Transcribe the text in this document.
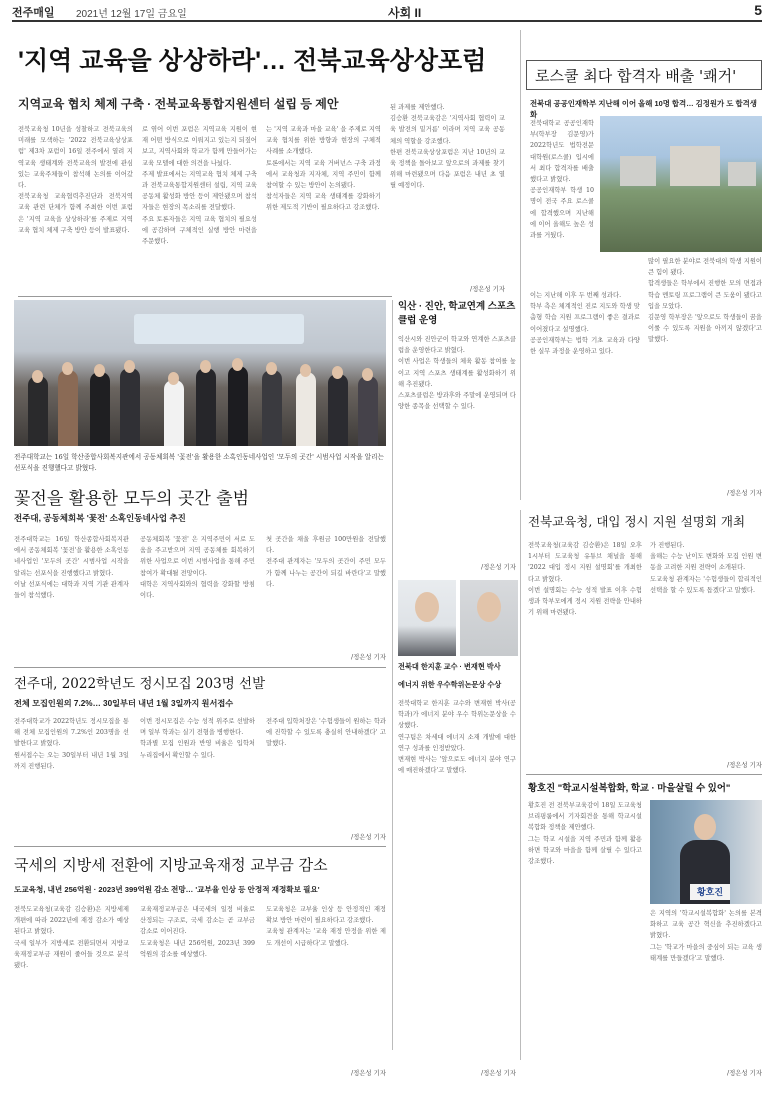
전주매일 2021년 12월 17일 금요일	사회 II	5
'지역 교육을 상상하라'… 전북교육상상포럼
지역교육 협치 체제 구축 · 전북교육통합지원센터 설립 등 제안
전북교육청 10년을 성찰하고 전북교육의 미래를 모색하는 '2022 전북교육상상포럼' 제3차 포럼이 16일 전주에서 열려 지역교육 생태계와 전북교육의 발전에 관심 있는 교육주체들이 참석해 논의를 이어갔다.
전북교육청 교육협력추진단과 전북지역 교육 관련 단체가 함께 주최한 이번 포럼은 '지역 교육을 상상하라'를 주제로 지역 교육 협치 체제 구축 방안 등이 발표됐다.
로 엮어 이번 포럼은 지역교육 지원이 현재 어떤 방식으로 이뤄지고 있는지 되짚어 보고, 지역사회와 학교가 함께 만들어가는 교육 모델에 대한 의견을 나눴다.
주제 발표에서는 지역교육 협치 체제 구축과 전북교육통합지원센터 설립, 지역 교육 공동체 활성화 방안 등이 제안됐으며 참석자들은 현장의 목소리를 전달했다.
주요 토론자들은 지역 교육 협치의 필요성에 공감하며 구체적인 실행 방안 마련을 주문했다.
는 '지역 교육과 마을 교육' 을 주제로 지역교육 협치를 위한 방향과 현장의 구체적 사례를 소개했다.
토론에서는 지역 교육 거버넌스 구축 과정에서 교육청과 지자체, 지역 주민이 함께 참여할 수 있는 방안이 논의됐다.
참석자들은 지역 교육 생태계를 강화하기 위한 제도적 기반이 필요하다고 강조했다.
된 과제를 제안했다.
김승환 전북교육감은 '지역사회 협력이 교육 발전의 밑거름' 이라며 지역 교육 공동체의 역할을 강조했다.
한편 전북교육상상포럼은 지난 10년의 교육 정책을 돌아보고 앞으로의 과제를 찾기 위해 마련됐으며 다음 포럼은 내년 초 열릴 예정이다.
/정은성 기자
로스쿨 최다 합격자 배출 '쾌거'
전북대 공공인재학부 지난해 이어 올해 10명 합격… 김정원가 도 합격생 화
전북대학교 공공인재학부(학부장 김문영)가 2022학년도 법학전문대학원(로스쿨) 입시에서 최다 합격자를 배출했다고 밝혔다.
공공인재학부 학생 10명이 전국 주요 로스쿨에 합격했으며 지난해에 이어 올해도 높은 성과를 거뒀다.
이는 지난해 이후 두 번째 성과다.
학부 측은 체계적인 진로 지도와 학생 맞춤형 학습 지원 프로그램이 좋은 결과로 이어졌다고 설명했다.
공공인재학부는 법학 기초 교육과 다양한 실무 과정을 운영하고 있다.
많이 필요한 분야로 전북대의 학생 지원이 큰 힘이 됐다.
합격생들은 학부에서 진행한 모의 면접과 학습 멘토링 프로그램이 큰 도움이 됐다고 입을 모았다.
김문영 학부장은 '앞으로도 학생들이 꿈을 이룰 수 있도록 지원을 아끼지 않겠다'고 말했다.
/정은성 기자
전주대학교는 16일 학산종합사회복지관에서 공동체회복 '꽃전'을 활용한 소혹인동네사업인 '모두의 곳간' 시범사업 시작을 알리는 선포식을 진행했다고 밝혔다.
익산 · 진안, 학교연계 스포츠클럽 운영
익산시와 진안군이 학교와 연계한 스포츠클럽을 운영한다고 밝혔다.
이번 사업은 학생들의 체육 활동 참여를 높이고 지역 스포츠 생태계를 활성화하기 위해 추진됐다.
스포츠클럽은 방과후와 주말에 운영되며 다양한 종목을 선택할 수 있다.
/정은성 기자
꽃전을 활용한 모두의 곳간 출범
전주대, 공동체회복 '꽃전' 소혹인동네사업 추진
전주대학교는 16일 학산종합사회복지관에서 공동체회복 '꽃전'을 활용한 소혹인동네사업인 '모두의 곳간' 시범사업 시작을 알리는 선포식을 진행했다고 밝혔다.
이날 선포식에는 대학과 지역 기관 관계자들이 참석했다.
공동체회복 '꽃전' 은 지역주민이 서로 도움을 주고받으며 지역 공동체를 회복하기 위한 사업으로 이번 시범사업을 통해 주민 참여가 확대될 전망이다.
대학은 지역사회와의 협력을 강화할 방침이다.
첫 곳간을 채울 후원금 100만원을 전달했다.
전주대 관계자는 '모두의 곳간이 주민 모두가 함께 나누는 공간이 되길 바란다'고 말했다.
/정은성 기자
전주대, 2022학년도 정시모집 203명 선발
전체 모집인원의 7.2%… 30일부터 내년 1월 3일까지 원서접수
전주대학교가 2022학년도 정시모집을 통해 전체 모집인원의 7.2%인 203명을 선발한다고 밝혔다.
원서접수는 오는 30일부터 내년 1월 3일까지 진행된다.
이번 정시모집은 수능 성적 위주로 선발하며 일부 학과는 실기 전형을 병행한다.
학과별 모집 인원과 반영 비율은 입학처 누리집에서 확인할 수 있다.
전주대 입학처장은 '수험생들이 원하는 학과에 진학할 수 있도록 충실히 안내하겠다' 고 말했다.
/정은성 기자
국세의 지방세 전환에 지방교육재정 교부금 감소
도교육청, 내년 256억원 · 2023년 399억원 감소 전망… '교부율 인상 등 안정적 재정확보 필요'
전북도교육청(교육감 김승환)은 지방세제 개편에 따라 2022년에 재정 감소가 예상된다고 밝혔다.
국세 일부가 지방세로 전환되면서 지방교육재정교부금 재원이 줄어들 것으로 분석됐다.
교육재정교부금은 내국세의 일정 비율로 산정되는 구조로, 국세 감소는 곧 교부금 감소로 이어진다.
도교육청은 내년 256억원, 2023년 399억원의 감소를 예상했다.
도교육청은 교부율 인상 등 안정적인 재정 확보 방안 마련이 필요하다고 강조했다.
교육청 관계자는 '교육 재정 안정을 위한 제도 개선이 시급하다'고 말했다.
/정은성 기자
전북대 한지훈 교수 · 변재현 박사
에너지 위한 우수학위논문상 수상
전북대학교 한지훈 교수와 변재현 박사(공학과)가 에너지 분야 우수 학위논문상을 수상했다.
연구팀은 차세대 에너지 소재 개발에 대한 연구 성과를 인정받았다.
변재현 박사는 '앞으로도 에너지 분야 연구에 매진하겠다'고 말했다.
/정은성 기자
전북교육청, 대입 정시 지원 설명회 개최
전북교육청(교육감 김승환)은 18일 오후 1시부터 도교육청 유튜브 채널을 통해 '2022 대입 정시 지원 설명회'를 개최한다고 밝혔다.
이번 설명회는 수능 성적 발표 이후 수험생과 학부모에게 정시 지원 전략을 안내하기 위해 마련됐다.
가 진행된다.
올해는 수능 난이도 변화와 모집 인원 변동을 고려한 지원 전략이 소개된다.
도교육청 관계자는 '수험생들이 합리적인 선택을 할 수 있도록 돕겠다'고 말했다.
/정은성 기자
황호진 "학교시설복합화, 학교 · 마을살릴 수 있어"
황호진 전 전북부교육감이 18일 도교육청 브리핑룸에서 기자회견을 통해 학교시설복합화 정책을 제안했다.
그는 학교 시설을 지역 주민과 함께 활용하면 학교와 마을을 함께 살릴 수 있다고 강조했다.
황호진
은 지역의 '학교시설복합화' 논의를 본격화하고 교육 공간 혁신을 추진하겠다고 밝혔다.
그는 '학교가 마을의 중심이 되는 교육 생태계를 만들겠다'고 말했다.
/정은성 기자
